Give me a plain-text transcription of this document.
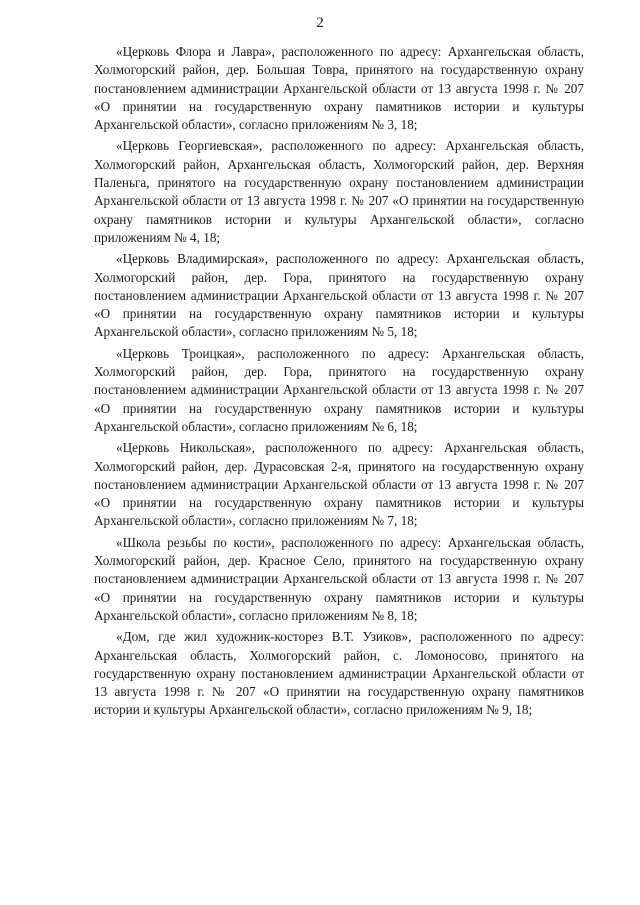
2

«Церковь Флора и Лавра», расположенного по адресу: Архангельская область, Холмогорский район, дер. Большая Товра, принятого на государственную охрану постановлением администрации Архангельской области от 13 августа 1998 г. № 207 «О принятии на государственную охрану памятников истории и культуры Архангельской области», согласно приложениям № 3, 18;

«Церковь Георгиевская», расположенного по адресу: Архангельская область, Холмогорский район, Архангельская область, Холмогорский район, дер. Верхняя Паленьга, принятого на государственную охрану постановлением администрации Архангельской области от 13 августа 1998 г. № 207 «О принятии на государственную охрану памятников истории и культуры Архангельской области», согласно приложениям № 4, 18;

«Церковь Владимирская», расположенного по адресу: Архангельская область, Холмогорский район, дер. Гора, принятого на государственную охрану постановлением администрации Архангельской области от 13 августа 1998 г. № 207 «О принятии на государственную охрану памятников истории и культуры Архангельской области», согласно приложениям № 5, 18;

«Церковь Троицкая», расположенного по адресу: Архангельская область, Холмогорский район, дер. Гора, принятого на государственную охрану постановлением администрации Архангельской области от 13 августа 1998 г. № 207 «О принятии на государственную охрану памятников истории и культуры Архангельской области», согласно приложениям № 6, 18;

«Церковь Никольская», расположенного по адресу: Архангельская область, Холмогорский район, дер. Дурасовская 2-я, принятого на государственную охрану постановлением администрации Архангельской области от 13 августа 1998 г. № 207 «О принятии на государственную охрану памятников истории и культуры Архангельской области», согласно приложениям № 7, 18;

«Школа резьбы по кости», расположенного по адресу: Архангельская область, Холмогорский район, дер. Красное Село, принятого на государственную охрану постановлением администрации Архангельской области от 13 августа 1998 г. № 207 «О принятии на государственную охрану памятников истории и культуры Архангельской области», согласно приложениям № 8, 18;

«Дом, где жил художник-косторез В.Т. Узиков», расположенного по адресу: Архангельская область, Холмогорский район, с. Ломоносово, принятого на государственную охрану постановлением администрации Архангельской области от 13 августа 1998 г. № 207 «О принятии на государственную охрану памятников истории и культуры Архангельской области», согласно приложениям № 9, 18;
